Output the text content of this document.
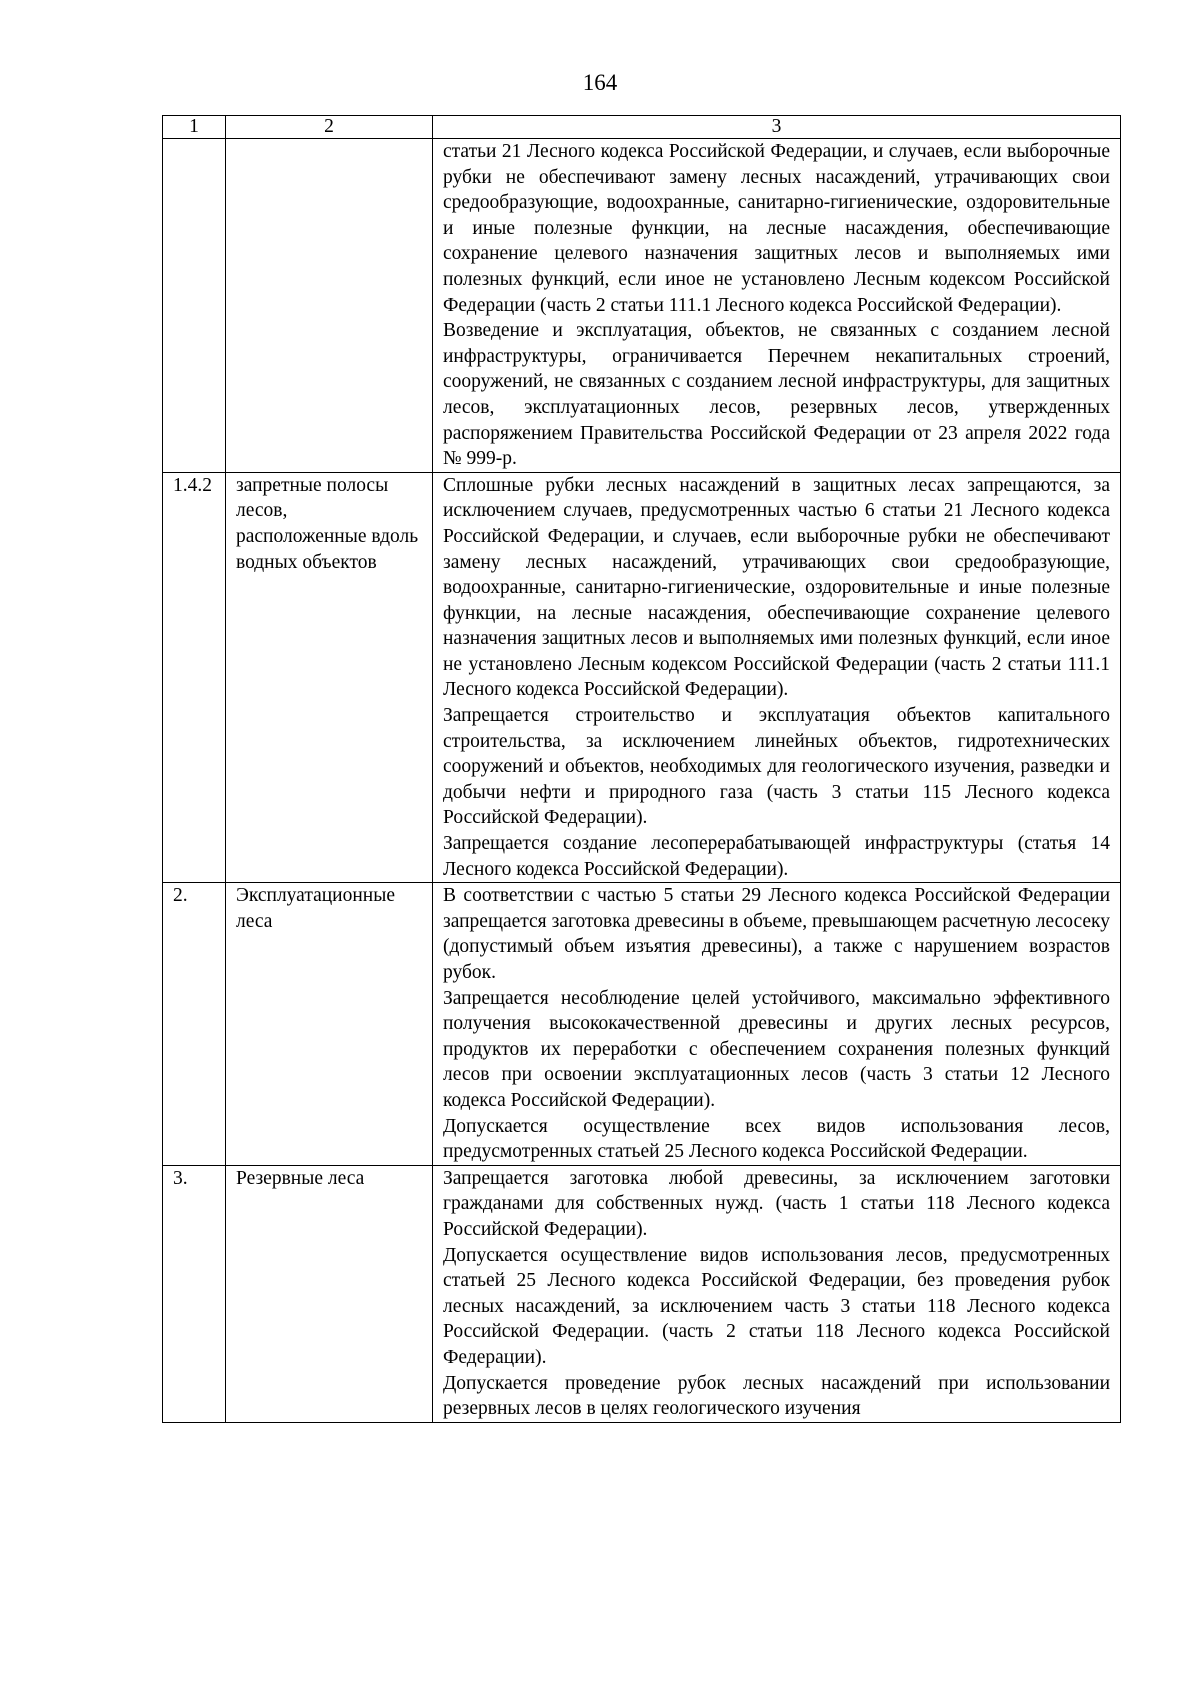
164
1	2	3

		статьи 21 Лесного кодекса Российской Федерации, и случаев, если выборочные рубки не обеспечивают замену лесных насаждений, утрачивающих свои средообразующие, водоохранные, санитарно-гигиенические, оздоровительные и иные полезные функции, на лесные насаждения, обеспечивающие сохранение целевого назначения защитных лесов и выполняемых ими полезных функций, если иное не установлено Лесным кодексом Российской Федерации (часть 2 статьи 111.1 Лесного кодекса Российской Федерации).

Возведение и эксплуатация, объектов, не связанных с созданием лесной инфраструктуры, ограничивается Перечнем некапитальных строений, сооружений, не связанных с созданием лесной инфраструктуры, для защитных лесов, эксплуатационных лесов, резервных лесов, утвержденных распоряжением Правительства Российской Федерации от 23 апреля 2022 года № 999-р.

1.4.2	запретные полосы лесов, расположенные вдоль водных объектов	Сплошные рубки лесных насаждений в защитных лесах запрещаются, за исключением случаев, предусмотренных частью 6 статьи 21 Лесного кодекса Российской Федерации, и случаев, если выборочные рубки не обеспечивают замену лесных насаждений, утрачивающих свои средообразующие, водоохранные, санитарно-гигиенические, оздоровительные и иные полезные функции, на лесные насаждения, обеспечивающие сохранение целевого назначения защитных лесов и выполняемых ими полезных функций, если иное не установлено Лесным кодексом Российской Федерации (часть 2 статьи 111.1 Лесного кодекса Российской Федерации).

Запрещается строительство и эксплуатация объектов капитального строительства, за исключением линейных объектов, гидротехнических сооружений и объектов, необходимых для геологического изучения, разведки и добычи нефти и природного газа (часть 3 статьи 115 Лесного кодекса Российской Федерации).

Запрещается создание лесоперерабатывающей инфраструктуры (статья 14 Лесного кодекса Российской Федерации).

2.	Эксплуатационные леса	В соответствии с частью 5 статьи 29 Лесного кодекса Российской Федерации запрещается заготовка древесины в объеме, превышающем расчетную лесосеку (допустимый объем изъятия древесины), а также с нарушением возрастов рубок.

Запрещается несоблюдение целей устойчивого, максимально эффективного получения высококачественной древесины и других лесных ресурсов, продуктов их переработки с обеспечением сохранения полезных функций лесов при освоении эксплуатационных лесов (часть 3 статьи 12 Лесного кодекса Российской Федерации).

Допускается осуществление всех видов использования лесов, предусмотренных статьей 25 Лесного кодекса Российской Федерации.

3.	Резервные леса	Запрещается заготовка любой древесины, за исключением заготовки гражданами для собственных нужд. (часть 1 статьи 118 Лесного кодекса Российской Федерации).

Допускается осуществление видов использования лесов, предусмотренных статьей 25 Лесного кодекса Российской Федерации, без проведения рубок лесных насаждений, за исключением часть 3 статьи 118 Лесного кодекса Российской Федерации. (часть 2 статьи 118 Лесного кодекса Российской Федерации).

Допускается проведение рубок лесных насаждений при использовании резервных лесов в целях геологического изучения
